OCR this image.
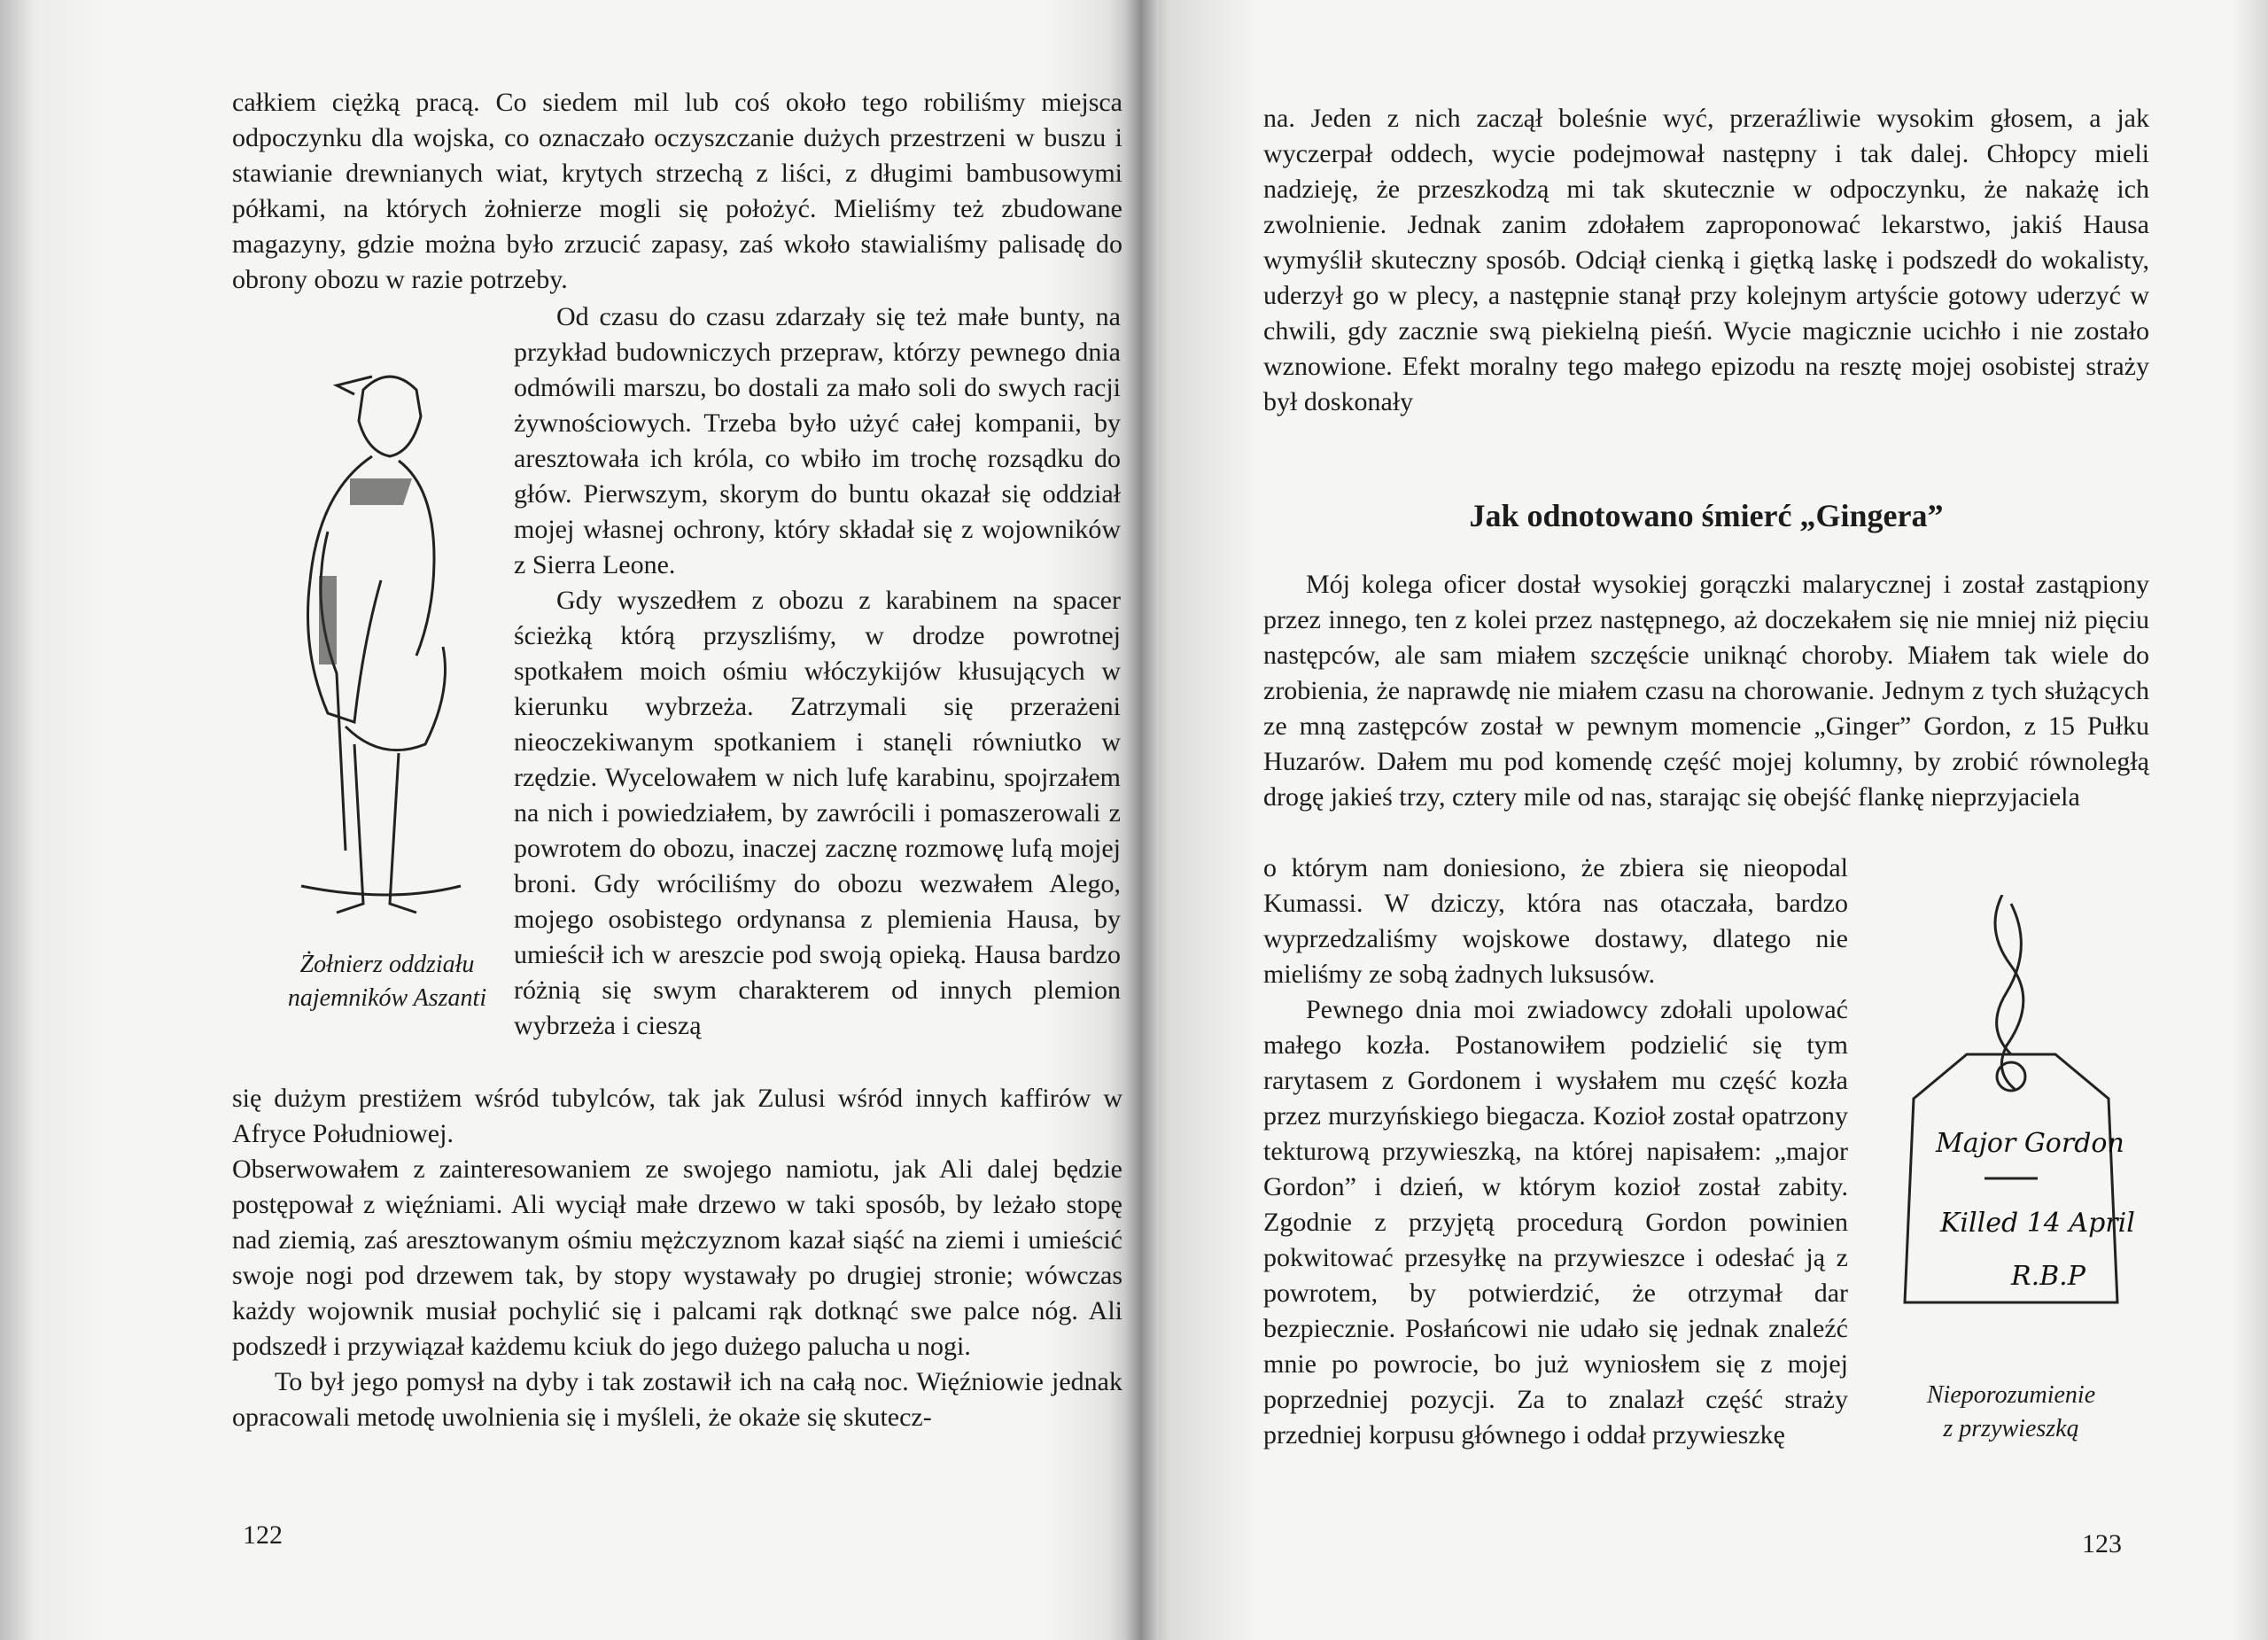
całkiem ciężką pracą. Co siedem mil lub coś około tego robiliśmy miejsca odpoczynku dla wojska, co oznaczało oczyszczanie dużych przestrzeni w buszu i stawianie drewnianych wiat, krytych strzechą z liści, z długimi bambusowymi półkami, na których żołnierze mogli się położyć. Mieliśmy też zbudowane magazyny, gdzie można było zrzucić zapasy, zaś wkoło stawialiśmy palisadę do obrony obozu w razie potrzeby.

Od czasu do czasu zdarzały się też małe bunty, na przykład budowniczych przepraw, którzy pewnego dnia odmówili marszu, bo dostali za mało soli do swych racji żywnościowych. Trzeba było użyć całej kompanii, by aresztowała ich króla, co wbiło im trochę rozsądku do głów. Pierwszym, skorym do buntu okazał się oddział mojej własnej ochrony, który składał się z wojowników z Sierra Leone.

Gdy wyszedłem z obozu z karabinem na spacer ścieżką którą przyszliśmy, w drodze powrotnej spotkałem moich ośmiu włóczykijów kłusujących w kierunku wybrzeża. Zatrzymali się przerażeni nieoczekiwanym spotkaniem i stanęli równiutko w rzędzie. Wycelowałem w nich lufę karabinu, spojrzałem na nich i powiedziałem, by zawrócili i pomaszerowali z powrotem do obozu, inaczej zacznę rozmowę lufą mojej broni. Gdy wróciliśmy do obozu wezwałem Alego, mojego osobistego ordynansa z plemienia Hausa, by umieścił ich w areszcie pod swoją opieką. Hausa bardzo różnią się swym charakterem od innych plemion wybrzeża i cieszą

Żołnierz oddziału
najemników Aszanti

się dużym prestiżem wśród tubylców, tak jak Zulusi wśród innych kaffirów w Afryce Południowej.

Obserwowałem z zainteresowaniem ze swojego namiotu, jak Ali dalej będzie postępował z więźniami. Ali wyciął małe drzewo w taki sposób, by leżało stopę nad ziemią, zaś aresztowanym ośmiu mężczyznom kazał siąść na ziemi i umieścić swoje nogi pod drzewem tak, by stopy wystawały po drugiej stronie; wówczas każdy wojownik musiał pochylić się i palcami rąk dotknąć swe palce nóg. Ali podszedł i przywiązał każdemu kciuk do jego dużego palucha u nogi.

To był jego pomysł na dyby i tak zostawił ich na całą noc. Więźniowie jednak opracowali metodę uwolnienia się i myśleli, że okaże się skutecz-

122

na. Jeden z nich zaczął boleśnie wyć, przeraźliwie wysokim głosem, a jak wyczerpał oddech, wycie podejmował następny i tak dalej. Chłopcy mieli nadzieję, że przeszkodzą mi tak skutecznie w odpoczynku, że nakażę ich zwolnienie. Jednak zanim zdołałem zaproponować lekarstwo, jakiś Hausa wymyślił skuteczny sposób. Odciął cienką i giętką laskę i podszedł do wokalisty, uderzył go w plecy, a następnie stanął przy kolejnym artyście gotowy uderzyć w chwili, gdy zacznie swą piekielną pieśń. Wycie magicznie ucichło i nie zostało wznowione. Efekt moralny tego małego epizodu na resztę mojej osobistej straży był doskonały

Jak odnotowano śmierć „Gingera”

Mój kolega oficer dostał wysokiej gorączki malarycznej i został zastąpiony przez innego, ten z kolei przez następnego, aż doczekałem się nie mniej niż pięciu następców, ale sam miałem szczęście uniknąć choroby. Miałem tak wiele do zrobienia, że naprawdę nie miałem czasu na chorowanie. Jednym z tych służących ze mną zastępców został w pewnym momencie „Ginger” Gordon, z 15 Pułku Huzarów. Dałem mu pod komendę część mojej kolumny, by zrobić równoległą drogę jakieś trzy, cztery mile od nas, starając się obejść flankę nieprzyjaciela

o którym nam doniesiono, że zbiera się nieopodal Kumassi. W dziczy, która nas otaczała, bardzo wyprzedzaliśmy wojskowe dostawy, dlatego nie mieliśmy ze sobą żadnych luksusów.

Pewnego dnia moi zwiadowcy zdołali upolować małego kozła. Postanowiłem podzielić się tym rarytasem z Gordonem i wysłałem mu część kozła przez murzyńskiego biegacza. Kozioł został opatrzony tekturową przywieszką, na której napisałem: „major Gordon” i dzień, w którym kozioł został zabity. Zgodnie z przyjętą procedurą Gordon powinien pokwitować przesyłkę na przywieszce i odesłać ją z powrotem, by potwierdzić, że otrzymał dar bezpiecznie. Posłańcowi nie udało się jednak znaleźć mnie po powrocie, bo już wyniosłem się z mojej poprzedniej pozycji. Za to znalazł część straży przedniej korpusu głównego i oddał przywieszkę

Major Gordon
Killed 14 April
R.B.P
Nieporozumienie
z przywieszką
123
